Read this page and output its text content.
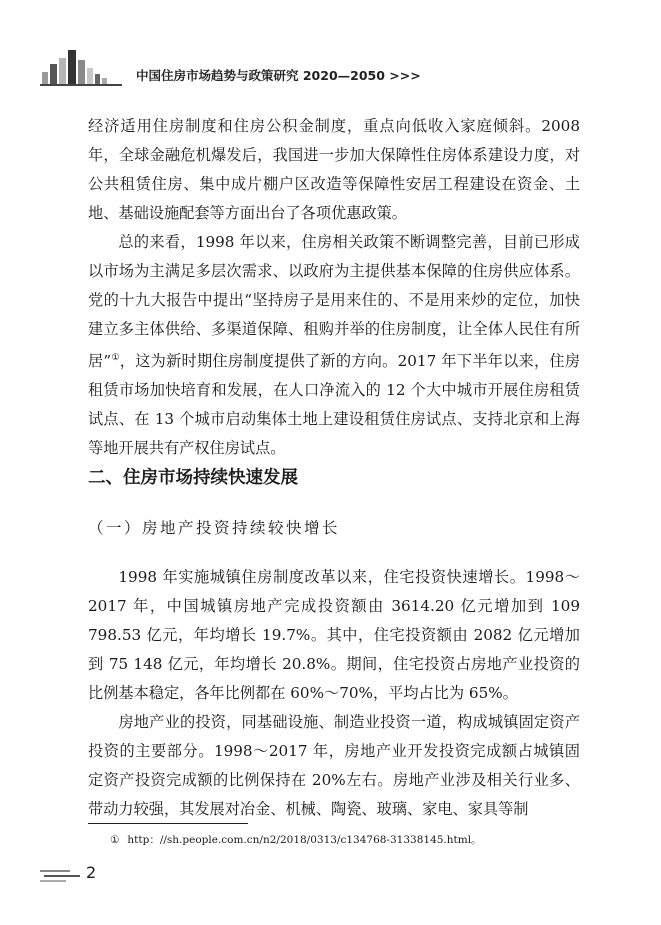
中国住房市场趋势与政策研究 2020—2050 >>>

经济适用住房制度和住房公积金制度，重点向低收入家庭倾斜。2008 年，全球金融危机爆发后，我国进一步加大保障性住房体系建设力度，对公共租赁住房、集中成片棚户区改造等保障性安居工程建设在资金、土地、基础设施配套等方面出台了各项优惠政策。

总的来看，1998 年以来，住房相关政策不断调整完善，目前已形成以市场为主满足多层次需求、以政府为主提供基本保障的住房供应体系。党的十九大报告中提出“坚持房子是用来住的、不是用来炒的定位，加快建立多主体供给、多渠道保障、租购并举的住房制度，让全体人民住有所居”①，这为新时期住房制度提供了新的方向。2017 年下半年以来，住房租赁市场加快培育和发展，在人口净流入的 12 个大中城市开展住房租赁试点、在 13 个城市启动集体土地上建设租赁住房试点、支持北京和上海等地开展共有产权住房试点。

二、住房市场持续快速发展
（一）房地产投资持续较快增长

1998 年实施城镇住房制度改革以来，住宅投资快速增长。1998～2017 年，中国城镇房地产完成投资额由 3614.20 亿元增加到 109 798.53 亿元，年均增长 19.7%。其中，住宅投资额由 2082 亿元增加到 75 148 亿元，年均增长 20.8%。期间，住宅投资占房地产业投资的比例基本稳定，各年比例都在 60%～70%，平均占比为 65%。

房地产业的投资，同基础设施、制造业投资一道，构成城镇固定资产投资的主要部分。1998～2017 年，房地产业开发投资完成额占城镇固定资产投资完成额的比例保持在 20%左右。房地产业涉及相关行业多、带动力较强，其发展对冶金、机械、陶瓷、玻璃、家电、家具等制

① http：//sh.people.com.cn/n2/2018/0313/c134768-31338145.html。
2
